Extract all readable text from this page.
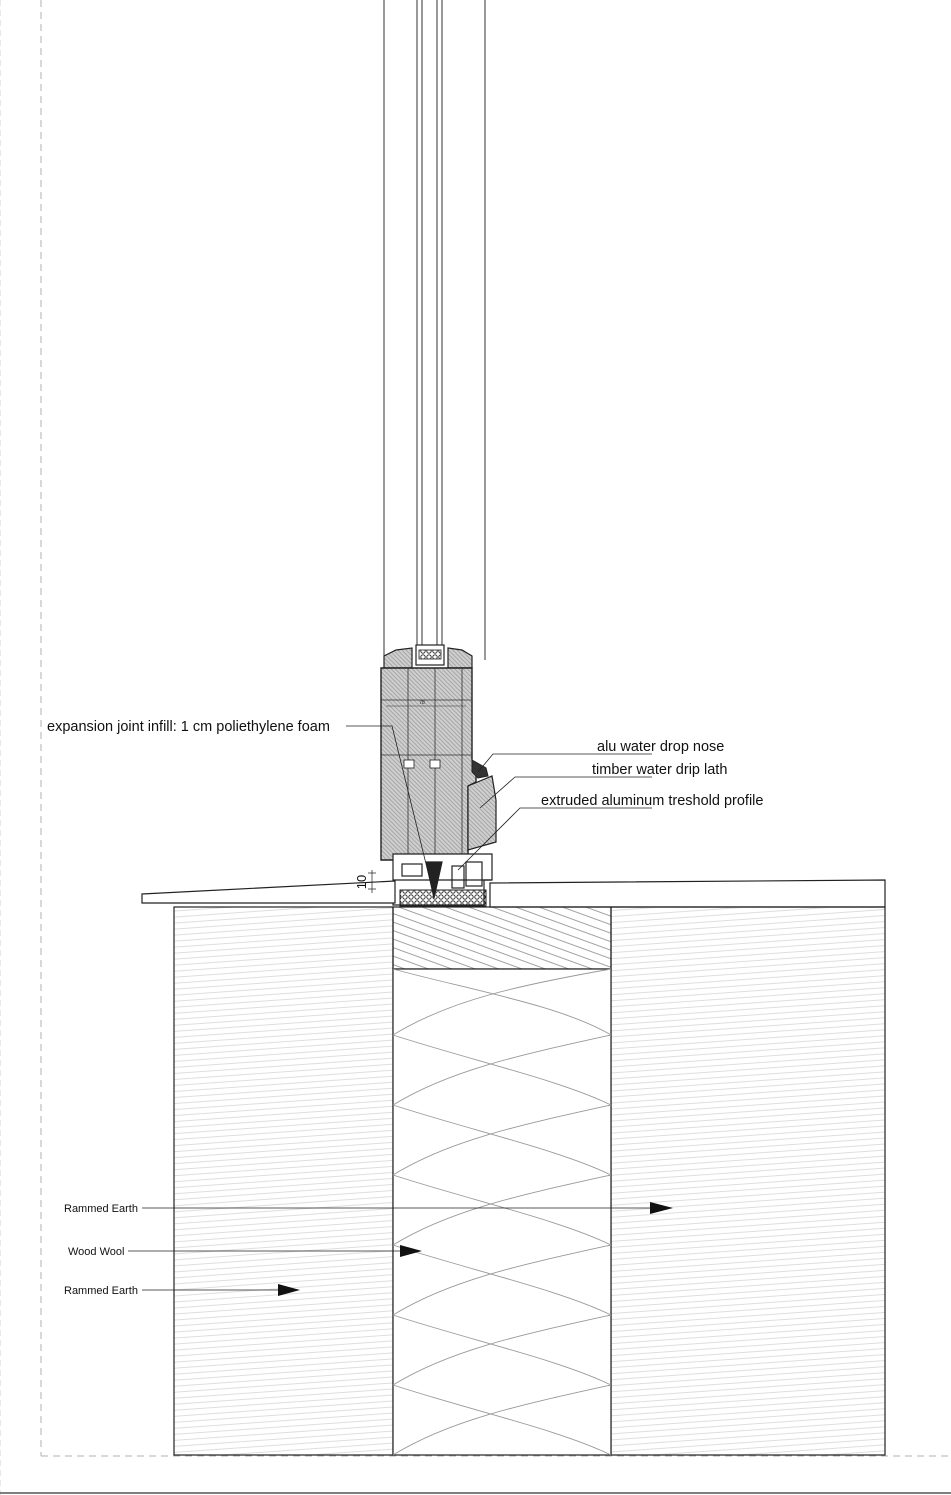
78
10
expansion joint infill: 1 cm poliethylene foam
alu water drop nose
timber water drip lath
extruded aluminum treshold profile
Rammed Earth
Wood Wool
Rammed Earth
